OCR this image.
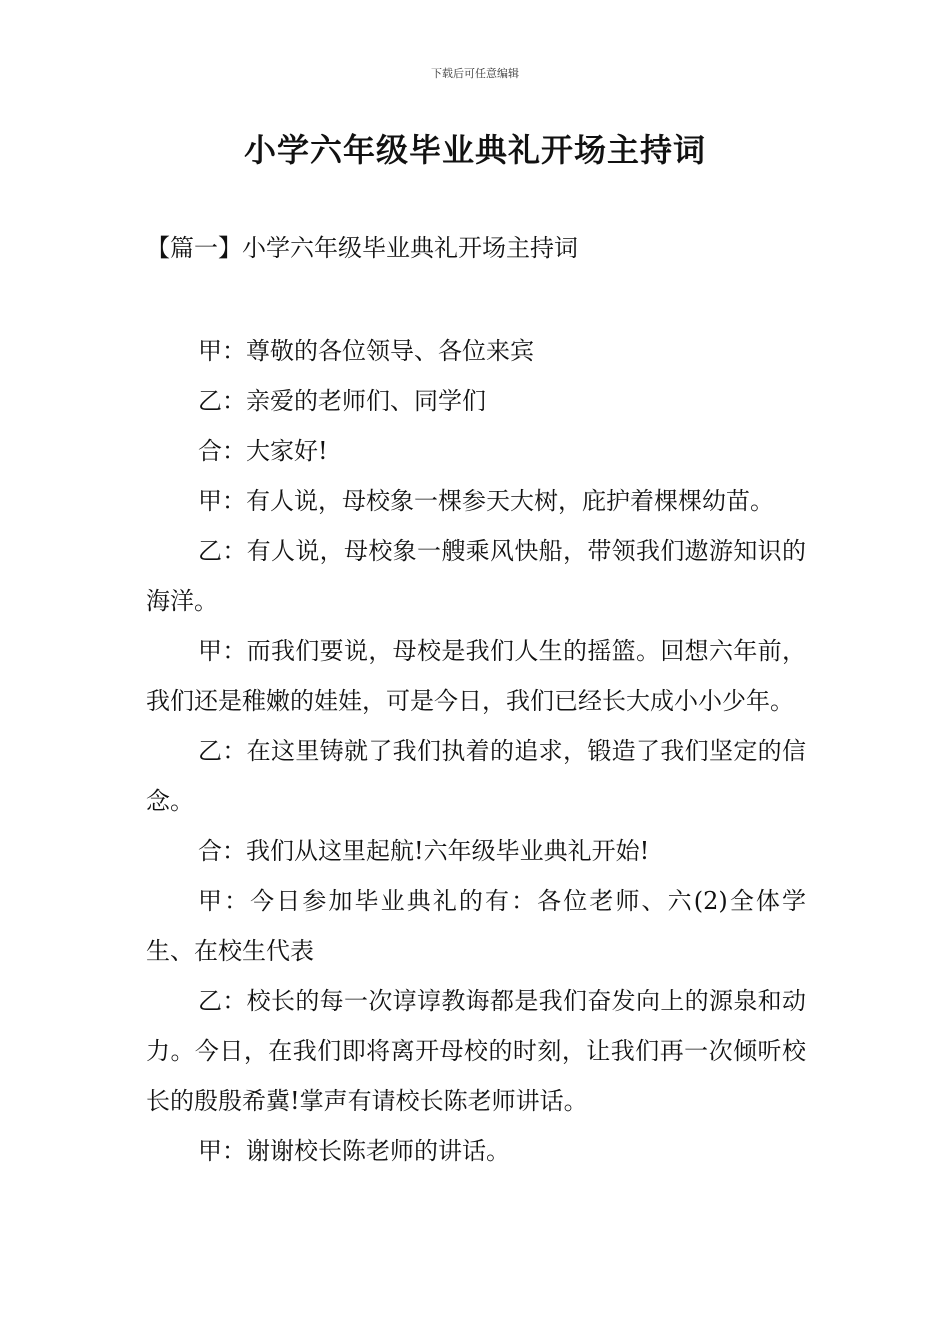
下载后可任意编辑
小学六年级毕业典礼开场主持词
【篇一】小学六年级毕业典礼开场主持词

甲：尊敬的各位领导、各位来宾

乙：亲爱的老师们、同学们

合：大家好!

甲：有人说，母校象一棵参天大树，庇护着棵棵幼苗。

乙：有人说，母校象一艘乘风快船，带领我们遨游知识的海洋。

甲：而我们要说，母校是我们人生的摇篮。回想六年前，我们还是稚嫩的娃娃，可是今日，我们已经长大成小小少年。

乙：在这里铸就了我们执着的追求，锻造了我们坚定的信念。

合：我们从这里起航!六年级毕业典礼开始!

甲：今日参加毕业典礼的有：各位老师、六(2)全体学生、在校生代表

乙：校长的每一次谆谆教诲都是我们奋发向上的源泉和动力。今日，在我们即将离开母校的时刻，让我们再一次倾听校长的殷殷希冀!掌声有请校长陈老师讲话。

甲：谢谢校长陈老师的讲话。
